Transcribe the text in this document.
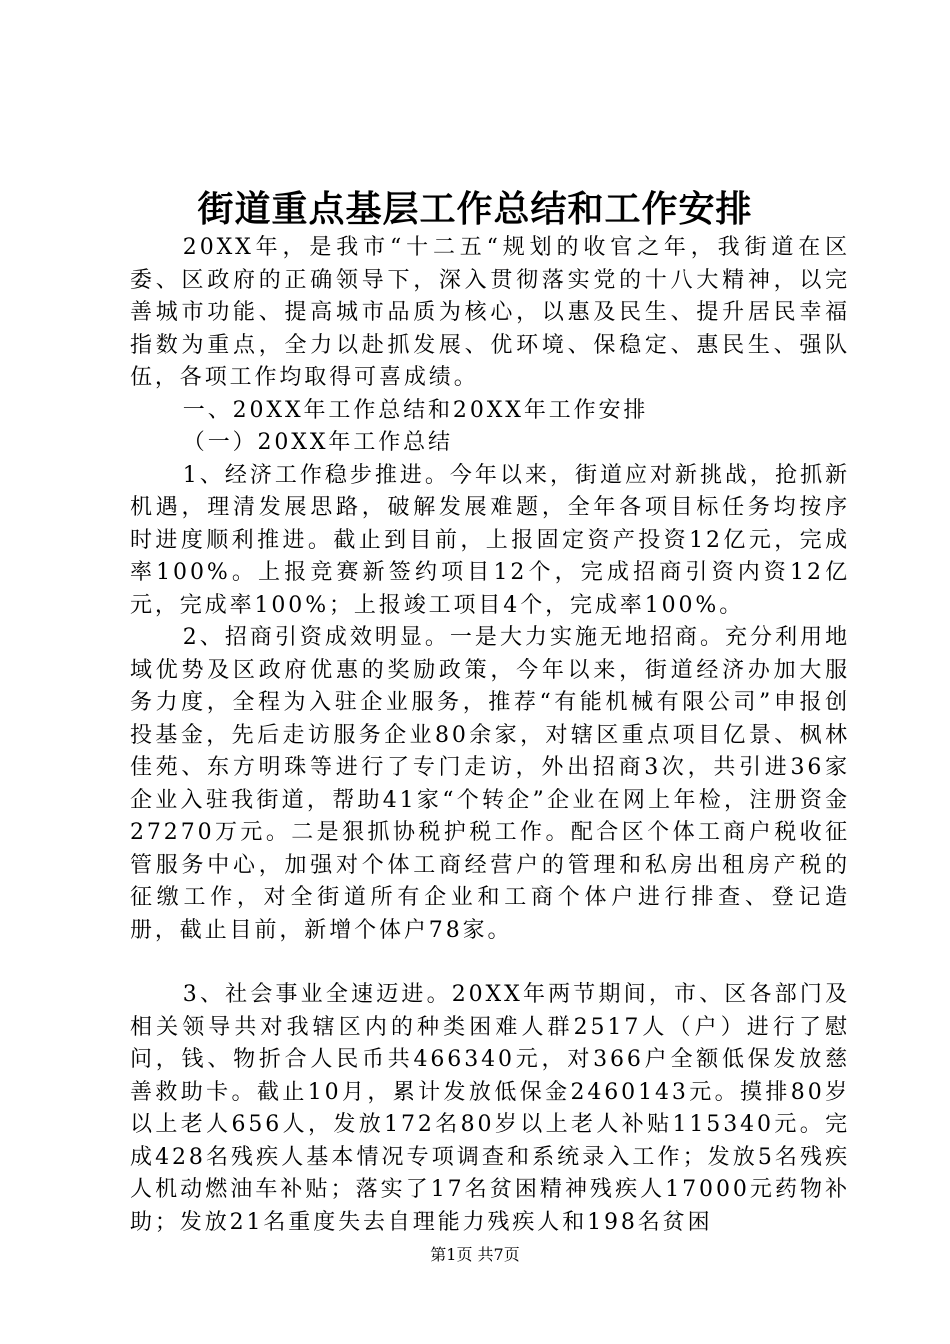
街道重点基层工作总结和工作安排

20XX年，是我市“十二五“规划的收官之年，我街道在区委、区政府的正确领导下，深入贯彻落实党的十八大精神，以完善城市功能、提高城市品质为核心，以惠及民生、提升居民幸福指数为重点，全力以赴抓发展、优环境、保稳定、惠民生、强队伍，各项工作均取得可喜成绩。

一、20XX年工作总结和20XX年工作安排

（一）20XX年工作总结

1、经济工作稳步推进。今年以来，街道应对新挑战，抢抓新机遇，理清发展思路，破解发展难题，全年各项目标任务均按序时进度顺利推进。截止到目前，上报固定资产投资12亿元，完成率100%。上报竞赛新签约项目12个，完成招商引资内资12亿元，完成率100%；上报竣工项目4个，完成率100%。

2、招商引资成效明显。一是大力实施无地招商。充分利用地域优势及区政府优惠的奖励政策，今年以来，街道经济办加大服务力度，全程为入驻企业服务，推荐“有能机械有限公司”申报创投基金，先后走访服务企业80余家，对辖区重点项目亿景、枫林佳苑、东方明珠等进行了专门走访，外出招商3次，共引进36家企业入驻我街道，帮助41家“个转企”企业在网上年检，注册资金27270万元。二是狠抓协税护税工作。配合区个体工商户税收征管服务中心，加强对个体工商经营户的管理和私房出租房产税的征缴工作，对全街道所有企业和工商个体户进行排查、登记造册，截止目前，新增个体户78家。

3、社会事业全速迈进。20XX年两节期间，市、区各部门及相关领导共对我辖区内的种类困难人群2517人（户）进行了慰问，钱、物折合人民币共466340元，对366户全额低保发放慈善救助卡。截止10月，累计发放低保金2460143元。摸排80岁以上老人656人，发放172名80岁以上老人补贴115340元。完成428名残疾人基本情况专项调查和系统录入工作；发放5名残疾人机动燃油车补贴；落实了17名贫困精神残疾人17000元药物补助；发放21名重度失去自理能力残疾人和198名贫困

第1页 共7页
